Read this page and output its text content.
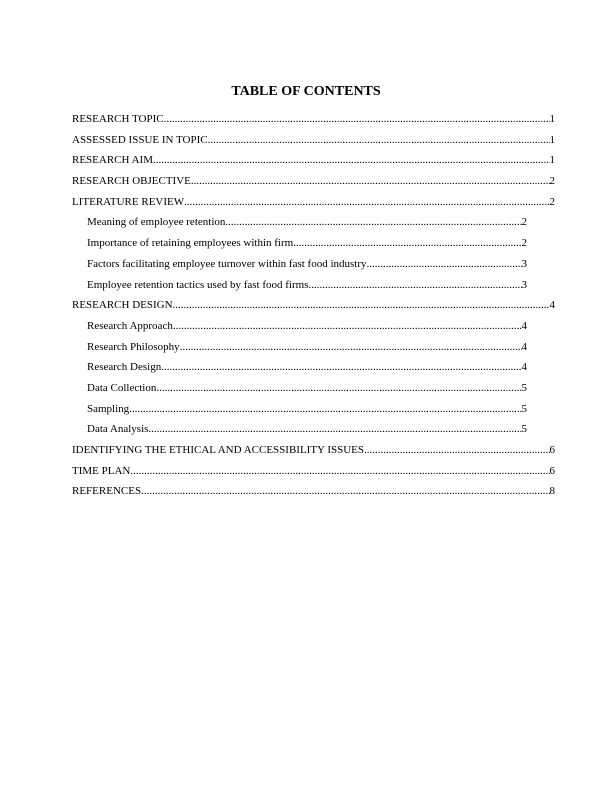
TABLE OF CONTENTS
RESEARCH TOPIC .....	1
ASSESSED ISSUE IN TOPIC .....	1
RESEARCH AIM .....	1
RESEARCH OBJECTIVE .....	2
LITERATURE REVIEW .....	2
Meaning of employee retention .....	2
Importance of retaining employees within firm .....	2
Factors facilitating employee turnover within fast food industry .....	3
Employee retention tactics used by fast food firms .....	3
RESEARCH DESIGN .....	4
Research Approach .....	4
Research Philosophy .....	4
Research Design .....	4
Data Collection .....	5
Sampling .....	5
Data Analysis .....	5
IDENTIFYING THE ETHICAL AND ACCESSIBILITY ISSUES .....	6
TIME PLAN .....	6
REFERENCES .....	8
